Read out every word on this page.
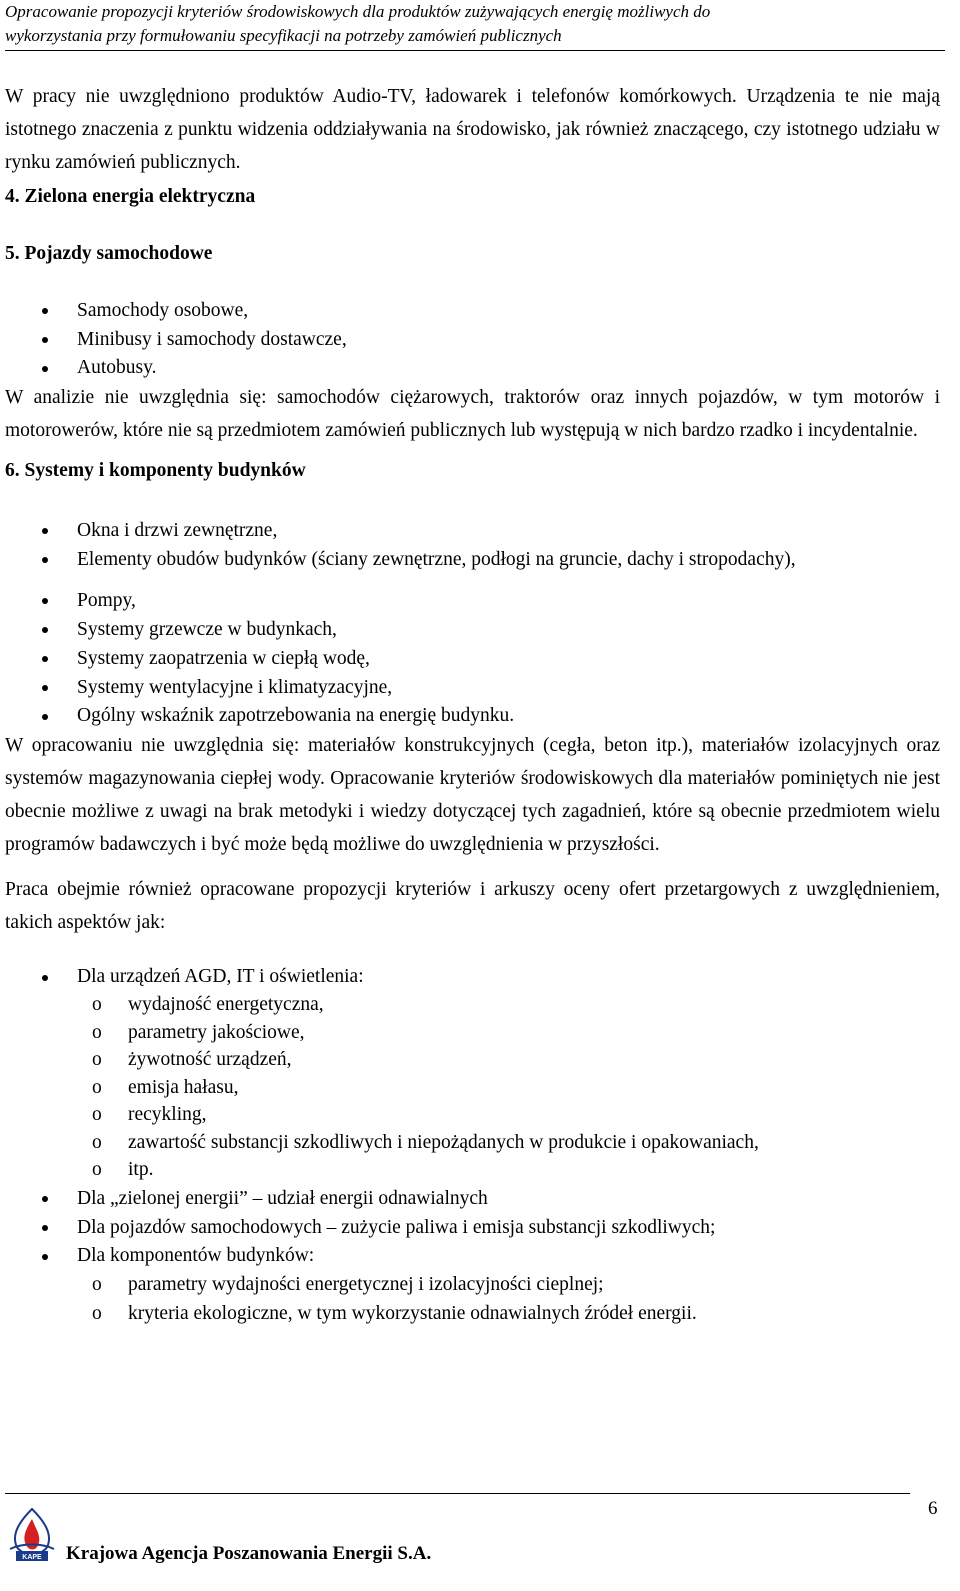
Opracowanie propozycji kryteriów środowiskowych dla produktów zużywających energię możliwych do
wykorzystania przy formułowaniu specyfikacji na potrzeby zamówień publicznych

W pracy nie uwzględniono produktów Audio-TV, ładowarek i telefonów komórkowych. Urządzenia te nie mają istotnego znaczenia z punktu widzenia oddziaływania na środowisko, jak również znaczącego, czy istotnego udziału w rynku zamówień publicznych.

4. Zielona energia elektryczna

5. Pojazdy samochodowe

Samochody osobowe,
Minibusy i samochody dostawcze,
Autobusy.

W analizie nie uwzględnia się: samochodów ciężarowych, traktorów oraz innych pojazdów, w tym motorów i motorowerów, które nie są przedmiotem zamówień publicznych lub występują w nich bardzo rzadko i incydentalnie.

6. Systemy i komponenty budynków

Okna i drzwi zewnętrzne,
Elementy obudów budynków (ściany zewnętrzne, podłogi na gruncie, dachy i stropodachy),
Pompy,
Systemy grzewcze w budynkach,
Systemy zaopatrzenia w ciepłą wodę,
Systemy wentylacyjne i klimatyzacyjne,
Ogólny wskaźnik zapotrzebowania na energię budynku.

W opracowaniu nie uwzględnia się: materiałów konstrukcyjnych (cegła, beton itp.), materiałów izolacyjnych oraz systemów magazynowania ciepłej wody. Opracowanie kryteriów środowiskowych dla materiałów pominiętych nie jest obecnie możliwe z uwagi na brak metodyki i wiedzy dotyczącej tych zagadnień, które są obecnie przedmiotem wielu programów badawczych i być może będą możliwe do uwzględnienia w przyszłości.

Praca obejmie również opracowane propozycji kryteriów i arkuszy oceny ofert przetargowych z uwzględnieniem, takich aspektów jak:

Dla urządzeń AGD, IT i oświetlenia:
o wydajność energetyczna,
o parametry jakościowe,
o żywotność urządzeń,
o emisja hałasu,
o recykling,
o zawartość substancji szkodliwych i niepożądanych w produkcie i opakowaniach,
o itp.
Dla „zielonej energii” – udział energii odnawialnych
Dla pojazdów samochodowych – zużycie paliwa i emisja substancji szkodliwych;
Dla komponentów budynków:
o parametry wydajności energetycznej i izolacyjności cieplnej;
o kryteria ekologiczne, w tym wykorzystanie odnawialnych źródeł energii.
6
KAPE Krajowa Agencja Poszanowania Energii S.A.
